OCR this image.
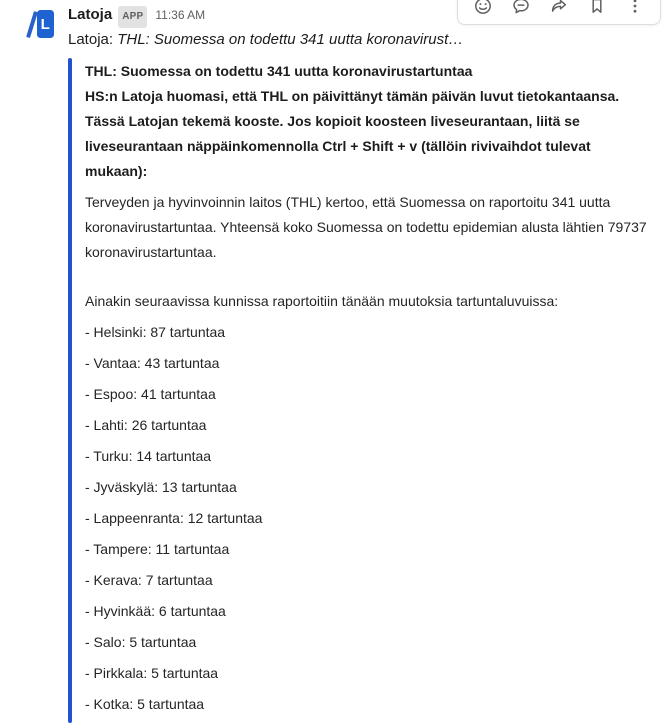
L
Latoja	APP	11:36 AM
Latoja: THL: Suomessa on todettu 341 uutta koronavirust…

THL: Suomessa on todettu 341 uutta koronavirustartuntaa

HS:n Latoja huomasi, että THL on päivittänyt tämän päivän luvut tietokantaansa. Tässä Latojan tekemä kooste. Jos kopioit koosteen liveseurantaan, liitä se liveseurantaan näppäinkomennolla Ctrl + Shift + v (tällöin rivivaihdot tulevat mukaan):

Terveyden ja hyvinvoinnin laitos (THL) kertoo, että Suomessa on raportoitu 341 uutta koronavirustartuntaa. Yhteensä koko Suomessa on todettu epidemian alusta lähtien 79737 koronavirustartuntaa.

Ainakin seuraavissa kunnissa raportoitiin tänään muutoksia tartuntaluvuissa:

- Helsinki: 87 tartuntaa

- Vantaa: 43 tartuntaa

- Espoo: 41 tartuntaa

- Lahti: 26 tartuntaa

- Turku: 14 tartuntaa

- Jyväskylä: 13 tartuntaa

- Lappeenranta: 12 tartuntaa

- Tampere: 11 tartuntaa

- Kerava: 7 tartuntaa

- Hyvinkää: 6 tartuntaa

- Salo: 5 tartuntaa

- Pirkkala: 5 tartuntaa

- Kotka: 5 tartuntaa
